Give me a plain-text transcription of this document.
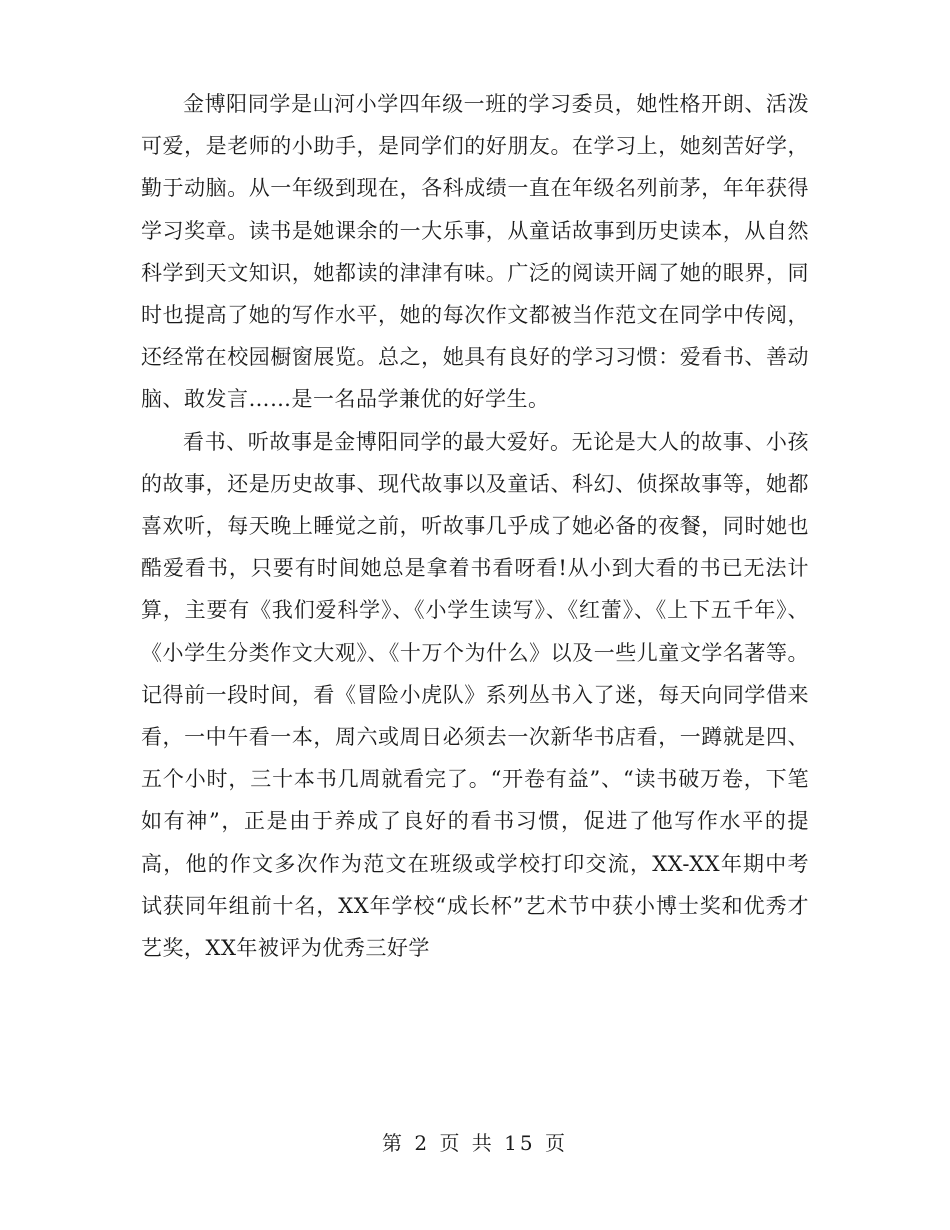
金博阳同学是山河小学四年级一班的学习委员，她性格开朗、活泼可爱，是老师的小助手，是同学们的好朋友。在学习上，她刻苦好学，勤于动脑。从一年级到现在，各科成绩一直在年级名列前茅，年年获得学习奖章。读书是她课余的一大乐事，从童话故事到历史读本，从自然科学到天文知识，她都读的津津有味。广泛的阅读开阔了她的眼界，同时也提高了她的写作水平，她的每次作文都被当作范文在同学中传阅，还经常在校园橱窗展览。总之，她具有良好的学习习惯：爱看书、善动脑、敢发言……是一名品学兼优的好学生。

看书、听故事是金博阳同学的最大爱好。无论是大人的故事、小孩的故事，还是历史故事、现代故事以及童话、科幻、侦探故事等，她都喜欢听，每天晚上睡觉之前，听故事几乎成了她必备的夜餐，同时她也酷爱看书，只要有时间她总是拿着书看呀看!从小到大看的书已无法计算，主要有《我们爱科学》、《小学生读写》、《红蕾》、《上下五千年》、《小学生分类作文大观》、《十万个为什么》以及一些儿童文学名著等。记得前一段时间，看《冒险小虎队》系列丛书入了迷，每天向同学借来看，一中午看一本，周六或周日必须去一次新华书店看，一蹲就是四、五个小时，三十本书几周就看完了。“开卷有益”、“读书破万卷，下笔如有神”，正是由于养成了良好的看书习惯，促进了他写作水平的提高，他的作文多次作为范文在班级或学校打印交流，XX-XX年期中考试获同年组前十名，XX年学校“成长杯”艺术节中获小博士奖和优秀才艺奖，XX年被评为优秀三好学

第 2 页 共 15 页
